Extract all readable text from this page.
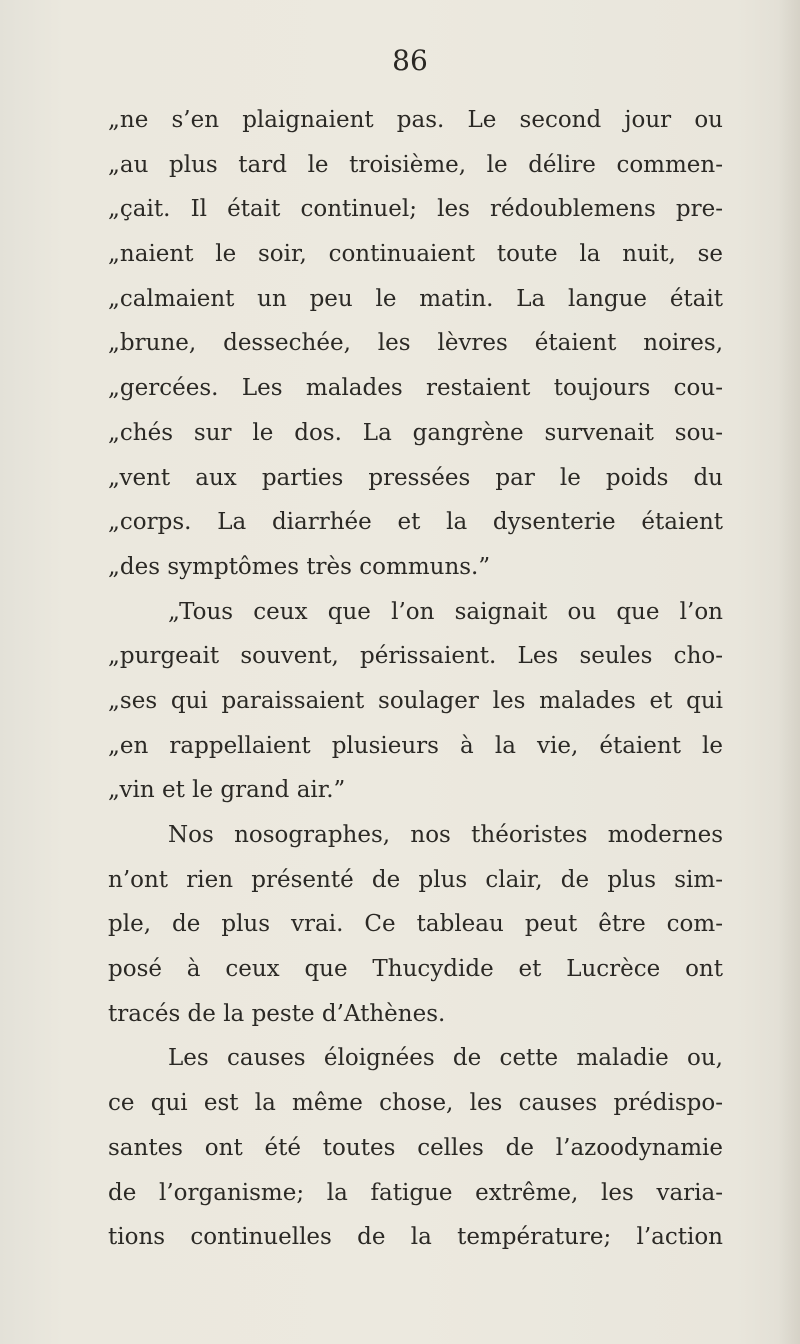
86
„ne s’en plaignaient pas. Le second jour ou
„au plus tard le troisième, le délire commen-
„çait. Il était continuel; les rédoublemens pre-
„naient le soir, continuaient toute la nuit, se
„calmaient un peu le matin. La langue était
„brune, dessechée, les lèvres étaient noires,
„gercées. Les malades restaient toujours cou-
„chés sur le dos. La gangrène survenait sou-
„vent aux parties pressées par le poids du
„corps. La diarrhée et la dysenterie étaient
„des symptômes très communs.”
„Tous ceux que l’on saignait ou que l’on
„purgeait souvent, périssaient. Les seules cho-
„ses qui paraissaient soulager les malades et qui
„en rappellaient plusieurs à la vie, étaient le
„vin et le grand air.”
Nos nosographes, nos théoristes modernes
n’ont rien présenté de plus clair, de plus sim-
ple, de plus vrai. Ce tableau peut être com-
posé à ceux que Thucydide et Lucrèce ont
tracés de la peste d’Athènes.
Les causes éloignées de cette maladie ou,
ce qui est la même chose, les causes prédispo-
santes ont été toutes celles de l’azoodynamie
de l’organisme; la fatigue extrême, les varia-
tions continuelles de la température; l’action
